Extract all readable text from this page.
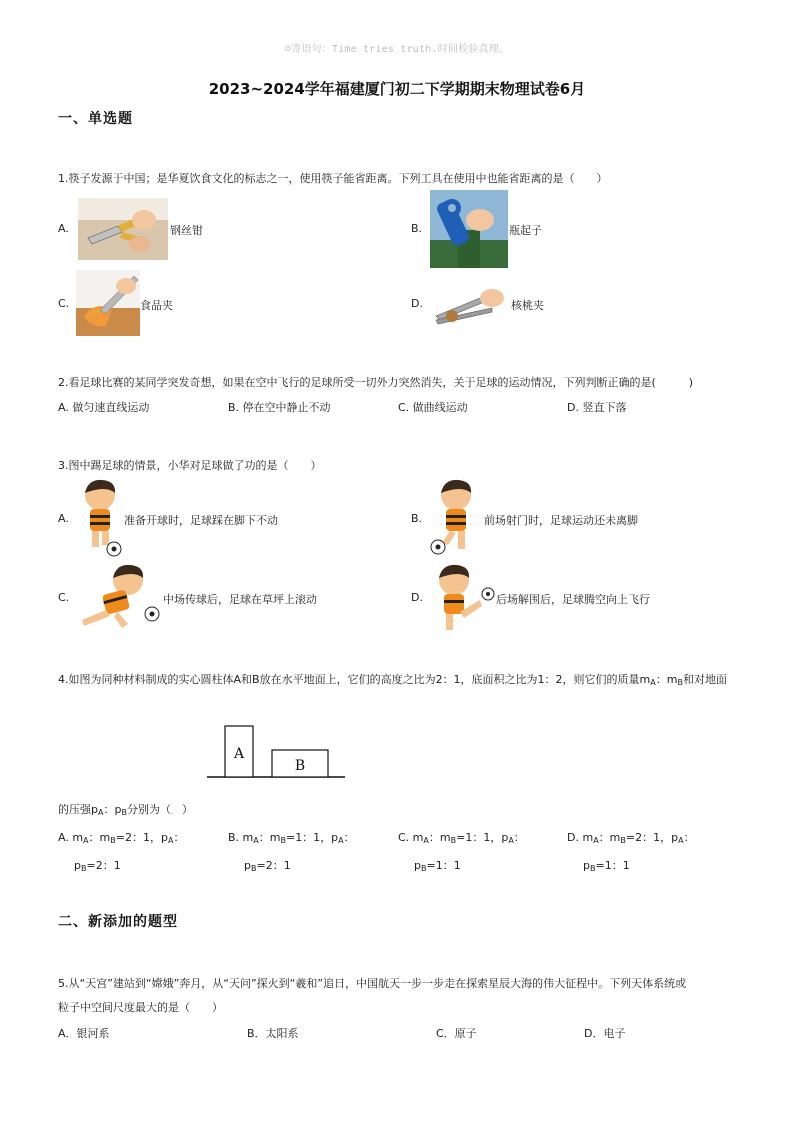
☺寄语句：Time tries truth.时间检验真理。
2023~2024学年福建厦门初二下学期期末物理试卷6月
一、单选题
1.筷子发源于中国；是华夏饮食文化的标志之一，使用筷子能省距离。下列工具在使用中也能省距离的是（　　）
A.	钢丝钳	B.	瓶起子
C.	食品夹	D.	核桃夹
2.看足球比赛的某同学突发奇想，如果在空中飞行的足球所受一切外力突然消失，关于足球的运动情况，下列判断正确的是(　　　)
A. 做匀速直线运动	B. 停在空中静止不动	C. 做曲线运动	D. 竖直下落
3.图中踢足球的情景，小华对足球做了功的是（　　）
A.	准备开球时，足球踩在脚下不动	B.	前场射门时，足球运动还未离脚
C.	中场传球后，足球在草坪上滚动	D.	后场解围后，足球腾空向上飞行
4.如图为同种材料制成的实心圆柱体A和B放在水平地面上，它们的高度之比为2：1，底面积之比为1：2，则它们的质量$m_A$：$m_B$和对地面
A
B
的压强$p_A$：$p_B$分别为（　）
A. $m_A$：$m_B=2$：1，$p_A$：
$p_B=2$：1
B. $m_A$：$m_B=1$：1，$p_A$：
$p_B=2$：1
C. $m_A$：$m_B=1$：1，$p_A$：
$p_B=1$：1
D. $m_A$：$m_B=2$：1，$p_A$：
$p_B=1$：1
二、新添加的题型
5.从“天宫”建站到“嫦娥”奔月，从“天问”探火到“羲和”追日，中国航天一步一步走在探索星辰大海的伟大征程中。下列天体系统或
粒子中空间尺度最大的是（　　）
A．银河系	B．太阳系	C．原子	D．电子
